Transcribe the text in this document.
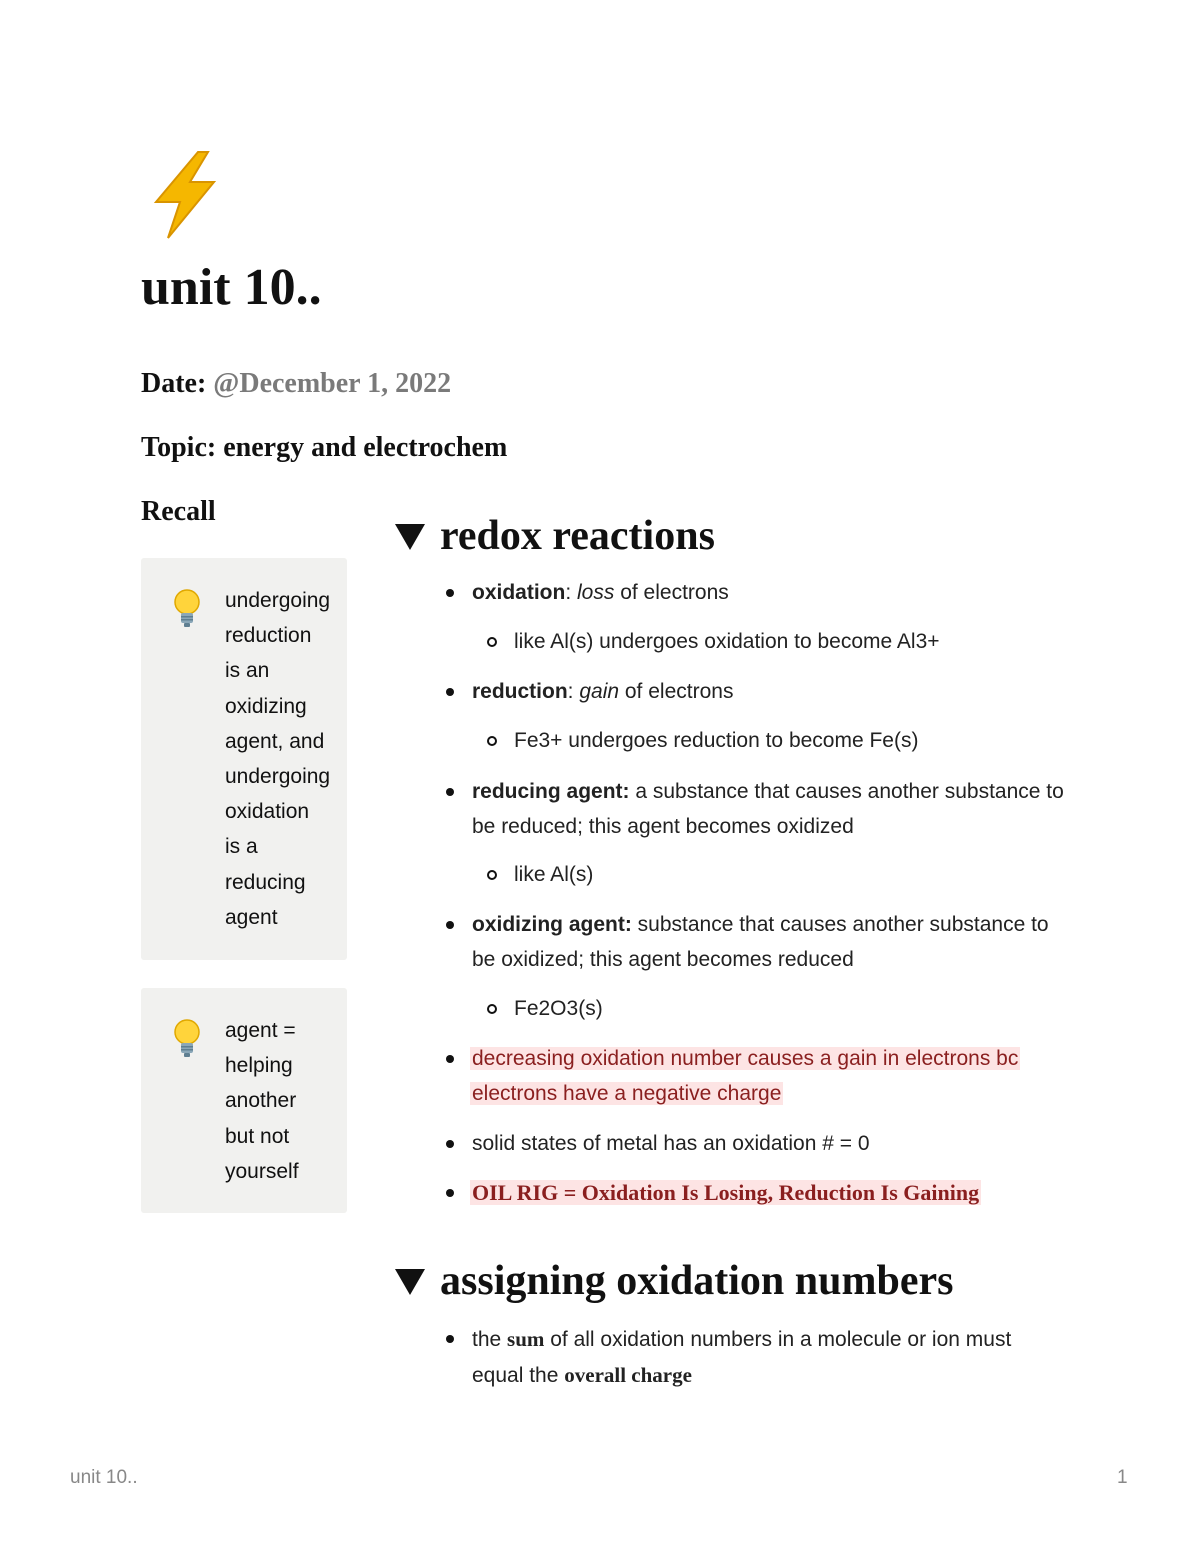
unit 10..
Date: @December 1, 2022
Topic: energy and electrochem
Recall
undergoing
reduction
is an
oxidizing
agent, and
undergoing
oxidation
is a
reducing
agent
agent =
helping
another
but not
yourself
redox reactions
oxidation: loss of electrons
like Al(s) undergoes oxidation to become Al3+
reduction: gain of electrons
Fe3+ undergoes reduction to become Fe(s)
reducing agent: a substance that causes another substance to
be reduced; this agent becomes oxidized
like Al(s)
oxidizing agent: substance that causes another substance to
be oxidized; this agent becomes reduced
Fe2O3(s)
decreasing oxidation number causes a gain in electrons bc
electrons have a negative charge
solid states of metal has an oxidation # = 0
OIL RIG = Oxidation Is Losing, Reduction Is Gaining
assigning oxidation numbers
the sum of all oxidation numbers in a molecule or ion must
equal the overall charge
unit 10..	1
